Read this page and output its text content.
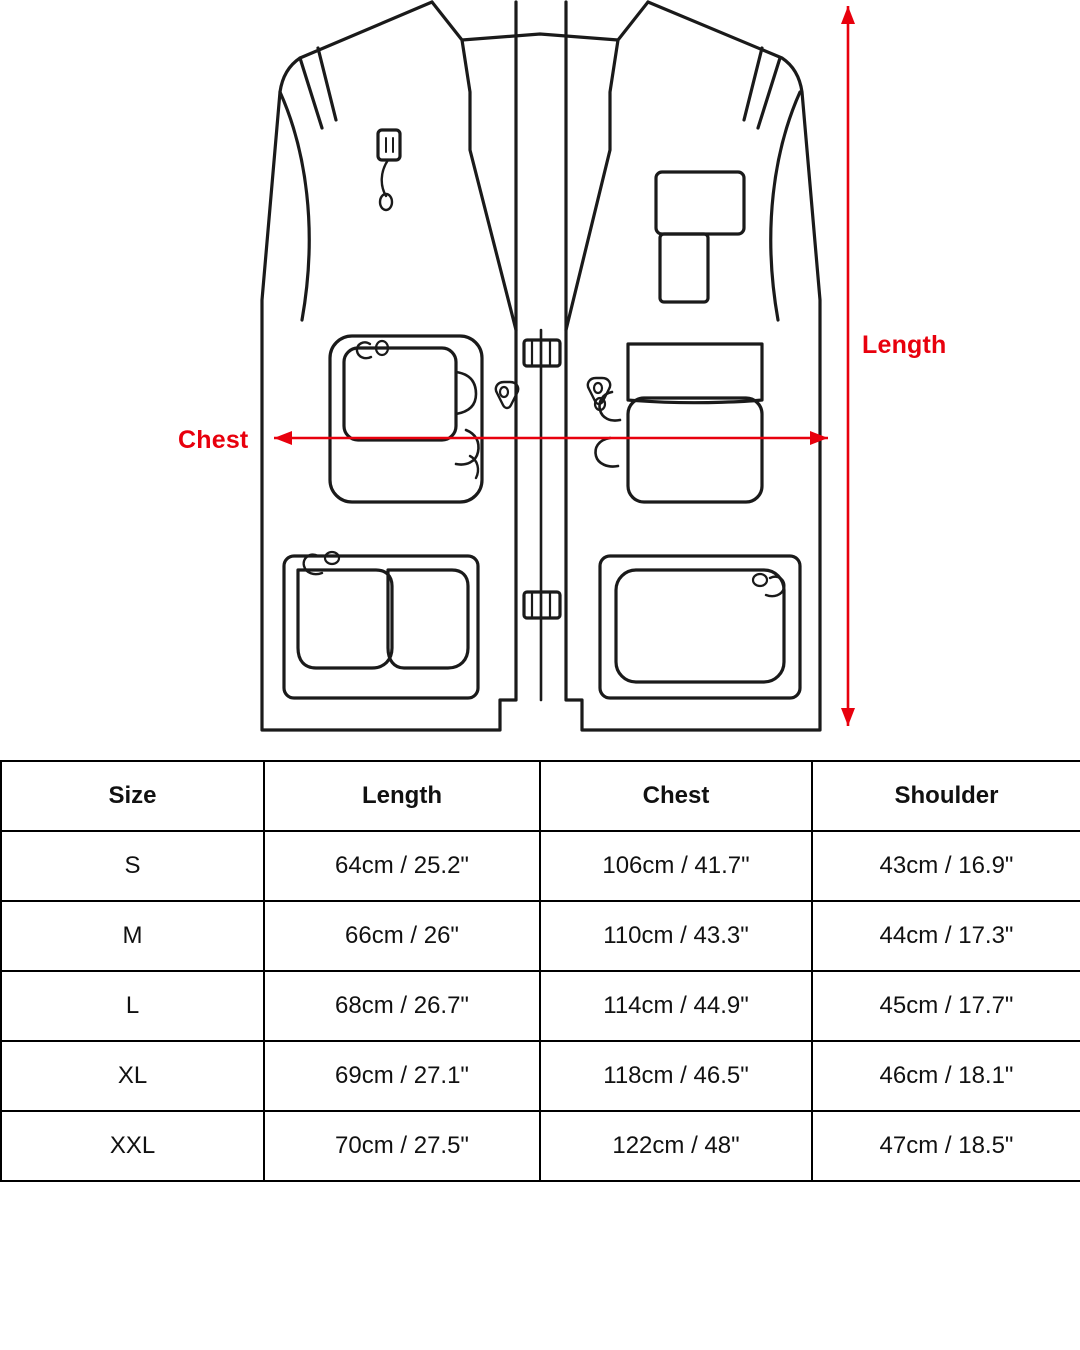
Chest
Length
Size	Length	Chest	Shoulder
S	64cm / 25.2"	106cm / 41.7"	43cm / 16.9"
M	66cm / 26"	110cm / 43.3"	44cm / 17.3"
L	68cm / 26.7"	114cm / 44.9"	45cm / 17.7"
XL	69cm / 27.1"	118cm / 46.5"	46cm / 18.1"
XXL	70cm / 27.5"	122cm / 48"	47cm / 18.5"
